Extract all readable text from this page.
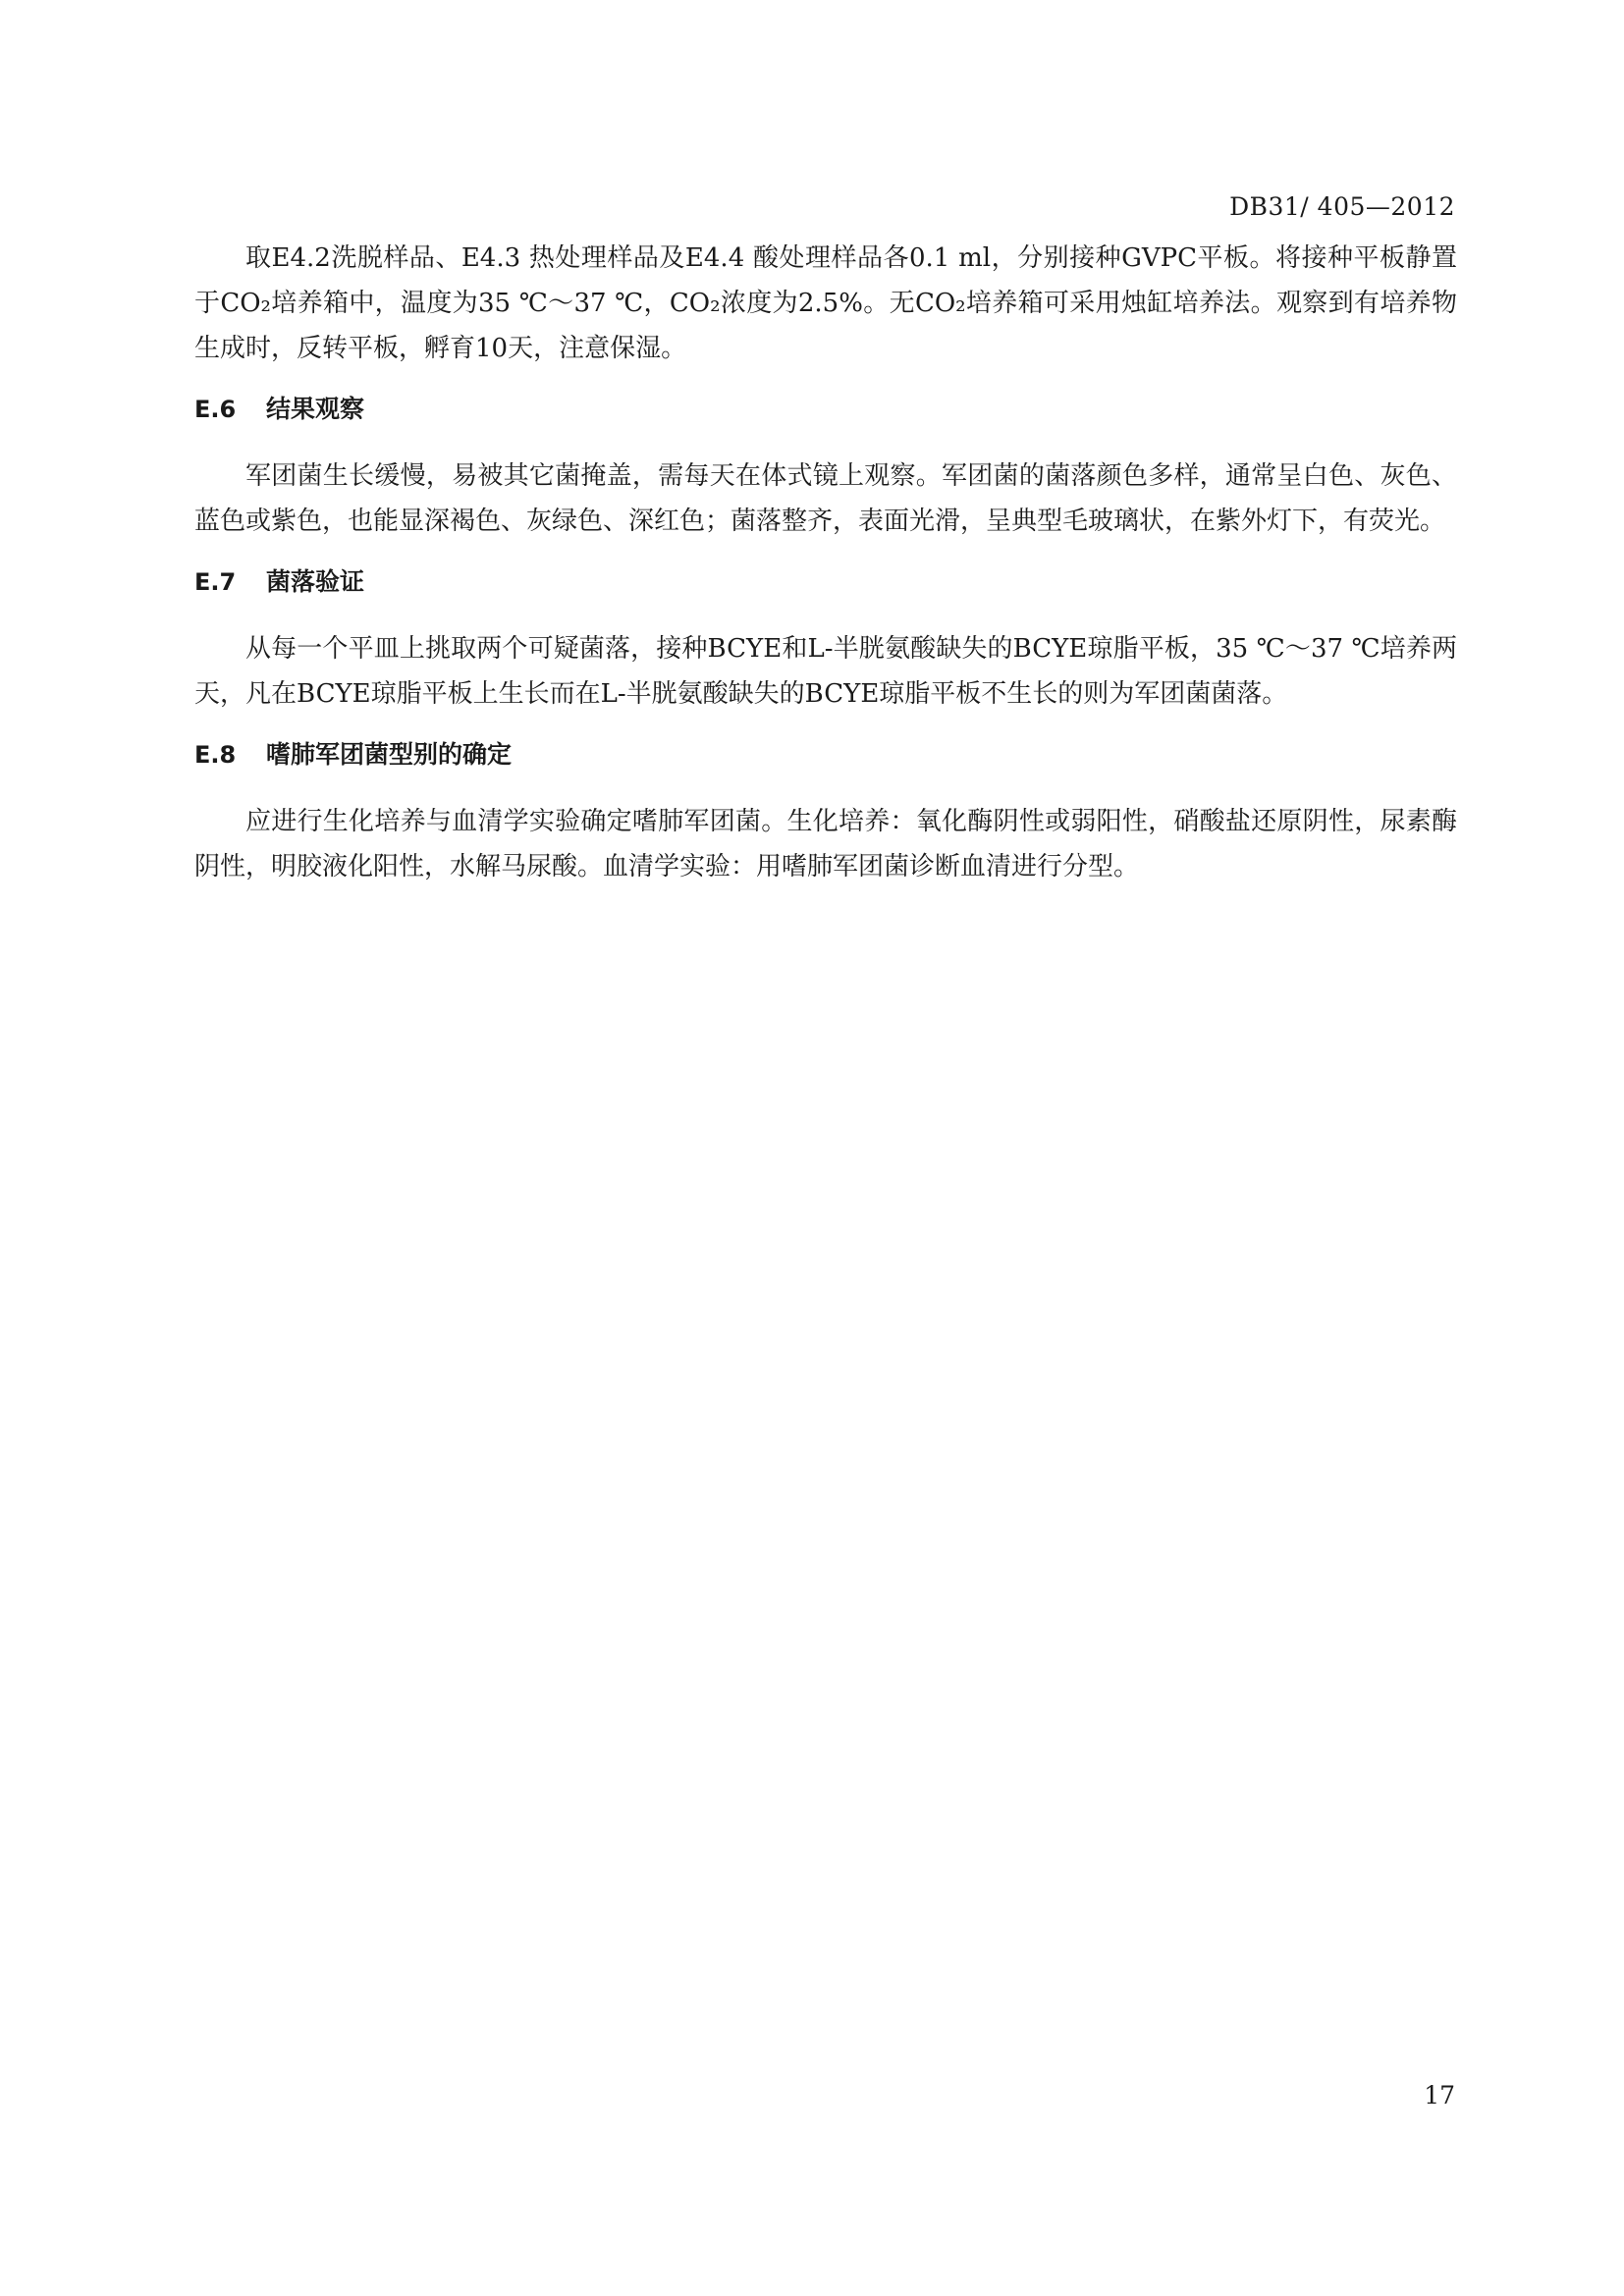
DB31/ 405—2012

取E4.2洗脱样品、E4.3 热处理样品及E4.4 酸处理样品各0.1 ml，分别接种GVPC平板。将接种平板静置于CO₂培养箱中，温度为35 ℃～37 ℃，CO₂浓度为2.5%。无CO₂培养箱可采用烛缸培养法。观察到有培养物生成时，反转平板，孵育10天，注意保湿。

E.6	结果观察

军团菌生长缓慢，易被其它菌掩盖，需每天在体式镜上观察。军团菌的菌落颜色多样，通常呈白色、灰色、蓝色或紫色，也能显深褐色、灰绿色、深红色；菌落整齐，表面光滑，呈典型毛玻璃状，在紫外灯下，有荧光。

E.7	菌落验证

从每一个平皿上挑取两个可疑菌落，接种BCYE和L-半胱氨酸缺失的BCYE琼脂平板，35 ℃～37 ℃培养两天，凡在BCYE琼脂平板上生长而在L-半胱氨酸缺失的BCYE琼脂平板不生长的则为军团菌菌落。

E.8	嗜肺军团菌型别的确定

应进行生化培养与血清学实验确定嗜肺军团菌。生化培养：氧化酶阴性或弱阳性，硝酸盐还原阴性，尿素酶阴性，明胶液化阳性，水解马尿酸。血清学实验：用嗜肺军团菌诊断血清进行分型。

17
